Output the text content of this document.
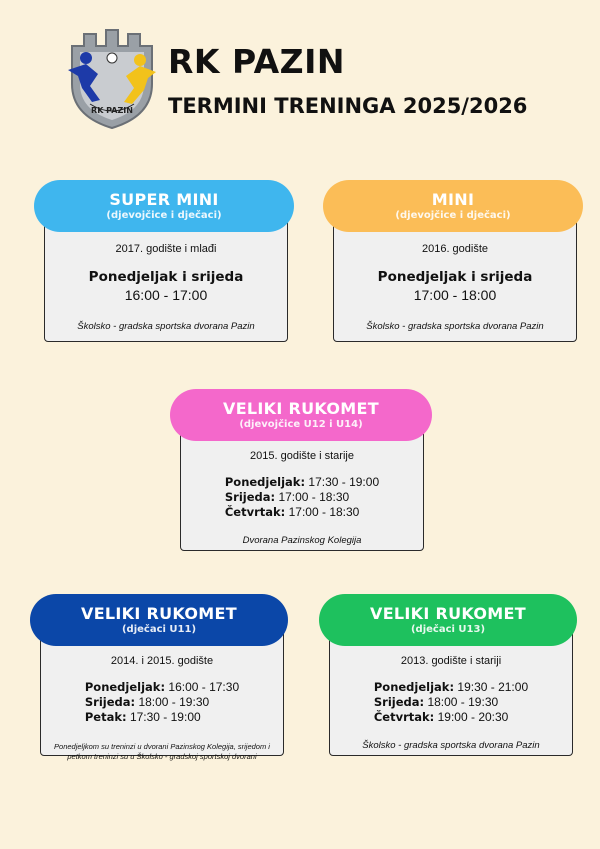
RK PAZIN
RK PAZIN
TERMINI TRENINGA 2025/2026
2017. godište i mlađi
Ponedjeljak i srijeda
16:00 - 17:00
Školsko - gradska sportska dvorana Pazin
SUPER MINI
(djevojčice i dječaci)
2016. godište
Ponedjeljak i srijeda
17:00 - 18:00
Školsko - gradska sportska dvorana Pazin
MINI
(djevojčice i dječaci)
2015. godište i starije
Ponedjeljak: 17:30 - 19:00
Srijeda: 17:00 - 18:30
Četvrtak: 17:00 - 18:30
Dvorana Pazinskog Kolegija
VELIKI RUKOMET
(djevojčice U12 i U14)
2014. i 2015. godište
Ponedjeljak: 16:00 - 17:30
Srijeda: 18:00 - 19:30
Petak: 17:30 - 19:00
Ponedjeljkom su treninzi u dvorani Pazinskog Kolegija, srijedom i petkom treninzi su u Školsko - gradskoj sportskoj dvorani
VELIKI RUKOMET
(dječaci U11)
2013. godište i stariji
Ponedjeljak: 19:30 - 21:00
Srijeda: 18:00 - 19:30
Četvrtak: 19:00 - 20:30
Školsko - gradska sportska dvorana Pazin
VELIKI RUKOMET
(dječaci U13)
